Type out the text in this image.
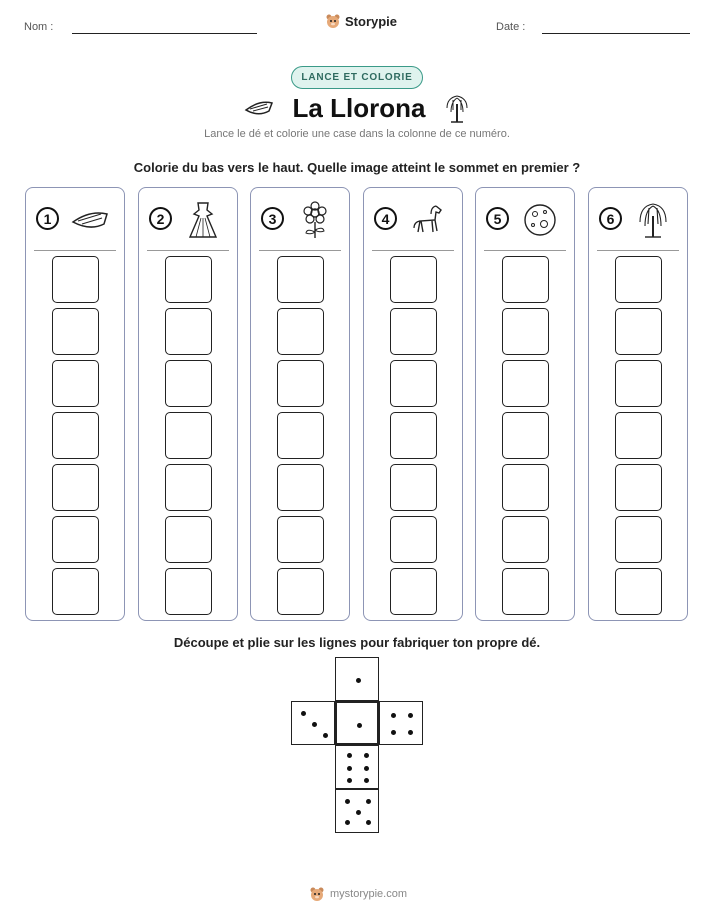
Nom :	Storypie	Date :
LANCE ET COLORIE
La Llorona
Lance le dé et colorie une case dans la colonne de ce numéro.
Colorie du bas vers le haut. Quelle image atteint le sommet en premier ?
1	2	3	4	5	6
Découpe et plie sur les lignes pour fabriquer ton propre dé.
mystorypie.com
